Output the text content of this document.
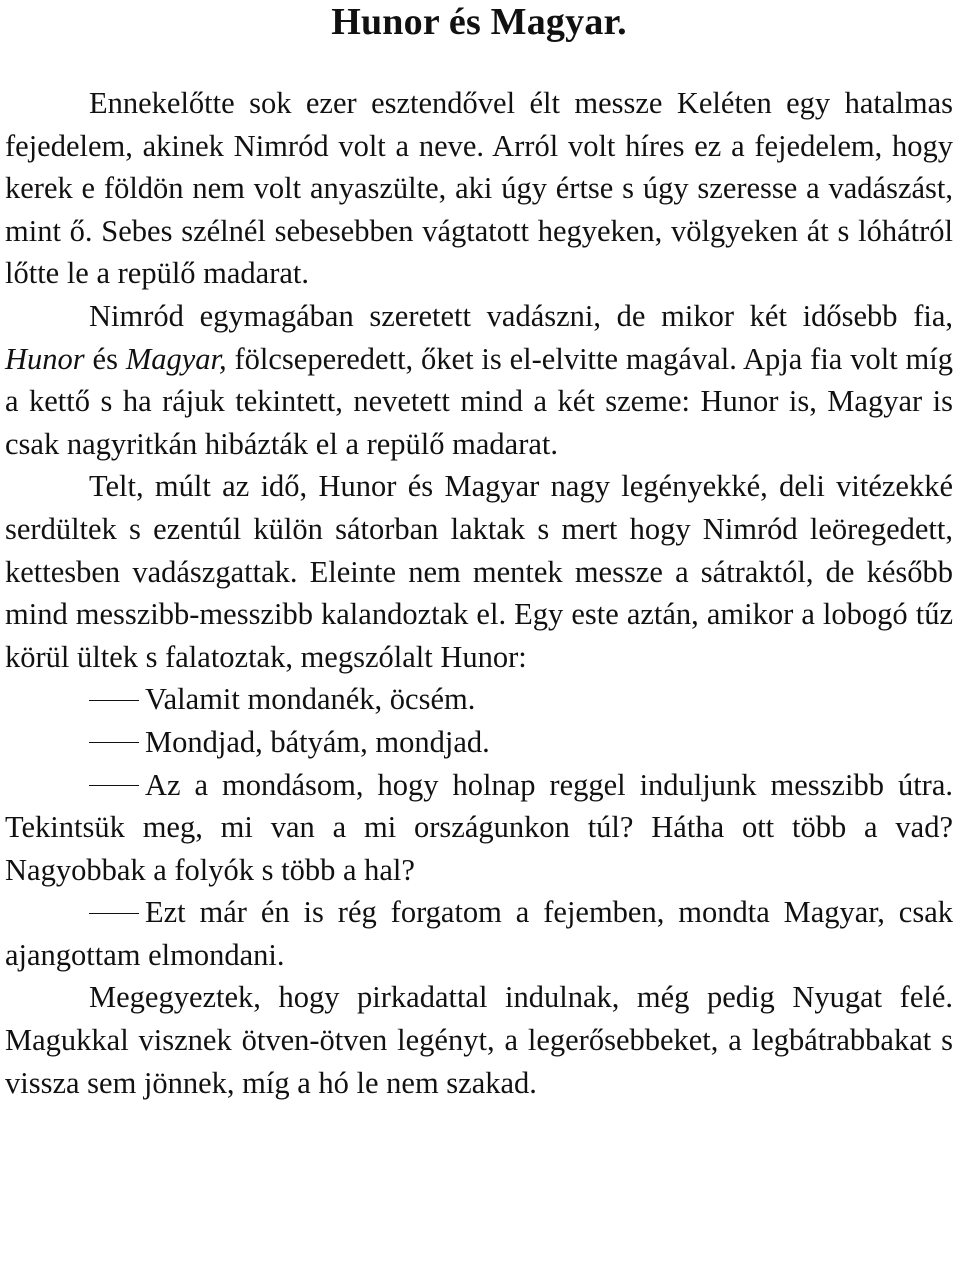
Hunor és Magyar.

Ennekelőtte sok ezer esztendővel élt messze Keléten egy hatalmas fejedelem, akinek Nimród volt a neve. Arról volt híres ez a fejedelem, hogy kerek e földön nem volt anyaszülte, aki úgy értse s úgy szeresse a vadászást, mint ő. Sebes szélnél sebesebben vágtatott hegyeken, völgyeken át s lóhátról lőtte le a repülő madarat.

Nimród egymagában szeretett vadászni, de mikor két idősebb fia, Hunor és Magyar, fölcseperedett, őket is el-elvitte magával. Apja fia volt míg a kettő s ha rájuk tekintett, nevetett mind a két szeme: Hunor is, Magyar is csak nagyritkán hibázták el a repülő madarat.

Telt, múlt az idő, Hunor és Magyar nagy legényekké, deli vitézekké serdültek s ezentúl külön sátorban laktak s mert hogy Nimród leöregedett, kettesben vadászgattak. Eleinte nem mentek messze a sátraktól, de később mind messzibb-messzibb kalandoztak el. Egy este aztán, amikor a lobogó tűz körül ültek s falatoztak, megszólalt Hunor:

Valamit mondanék, öcsém.

Mondjad, bátyám, mondjad.

Az a mondásom, hogy holnap reggel induljunk messzibb útra. Tekintsük meg, mi van a mi országunkon túl? Hátha ott több a vad? Nagyobbak a folyók s több a hal?

Ezt már én is rég forgatom a fejemben, mondta Magyar, csak ajangottam elmondani.

Megegyeztek, hogy pirkadattal indulnak, még pedig Nyugat felé. Magukkal visznek ötven-ötven legényt, a legerősebbeket, a legbátrabbakat s vissza sem jönnek, míg a hó le nem szakad.
